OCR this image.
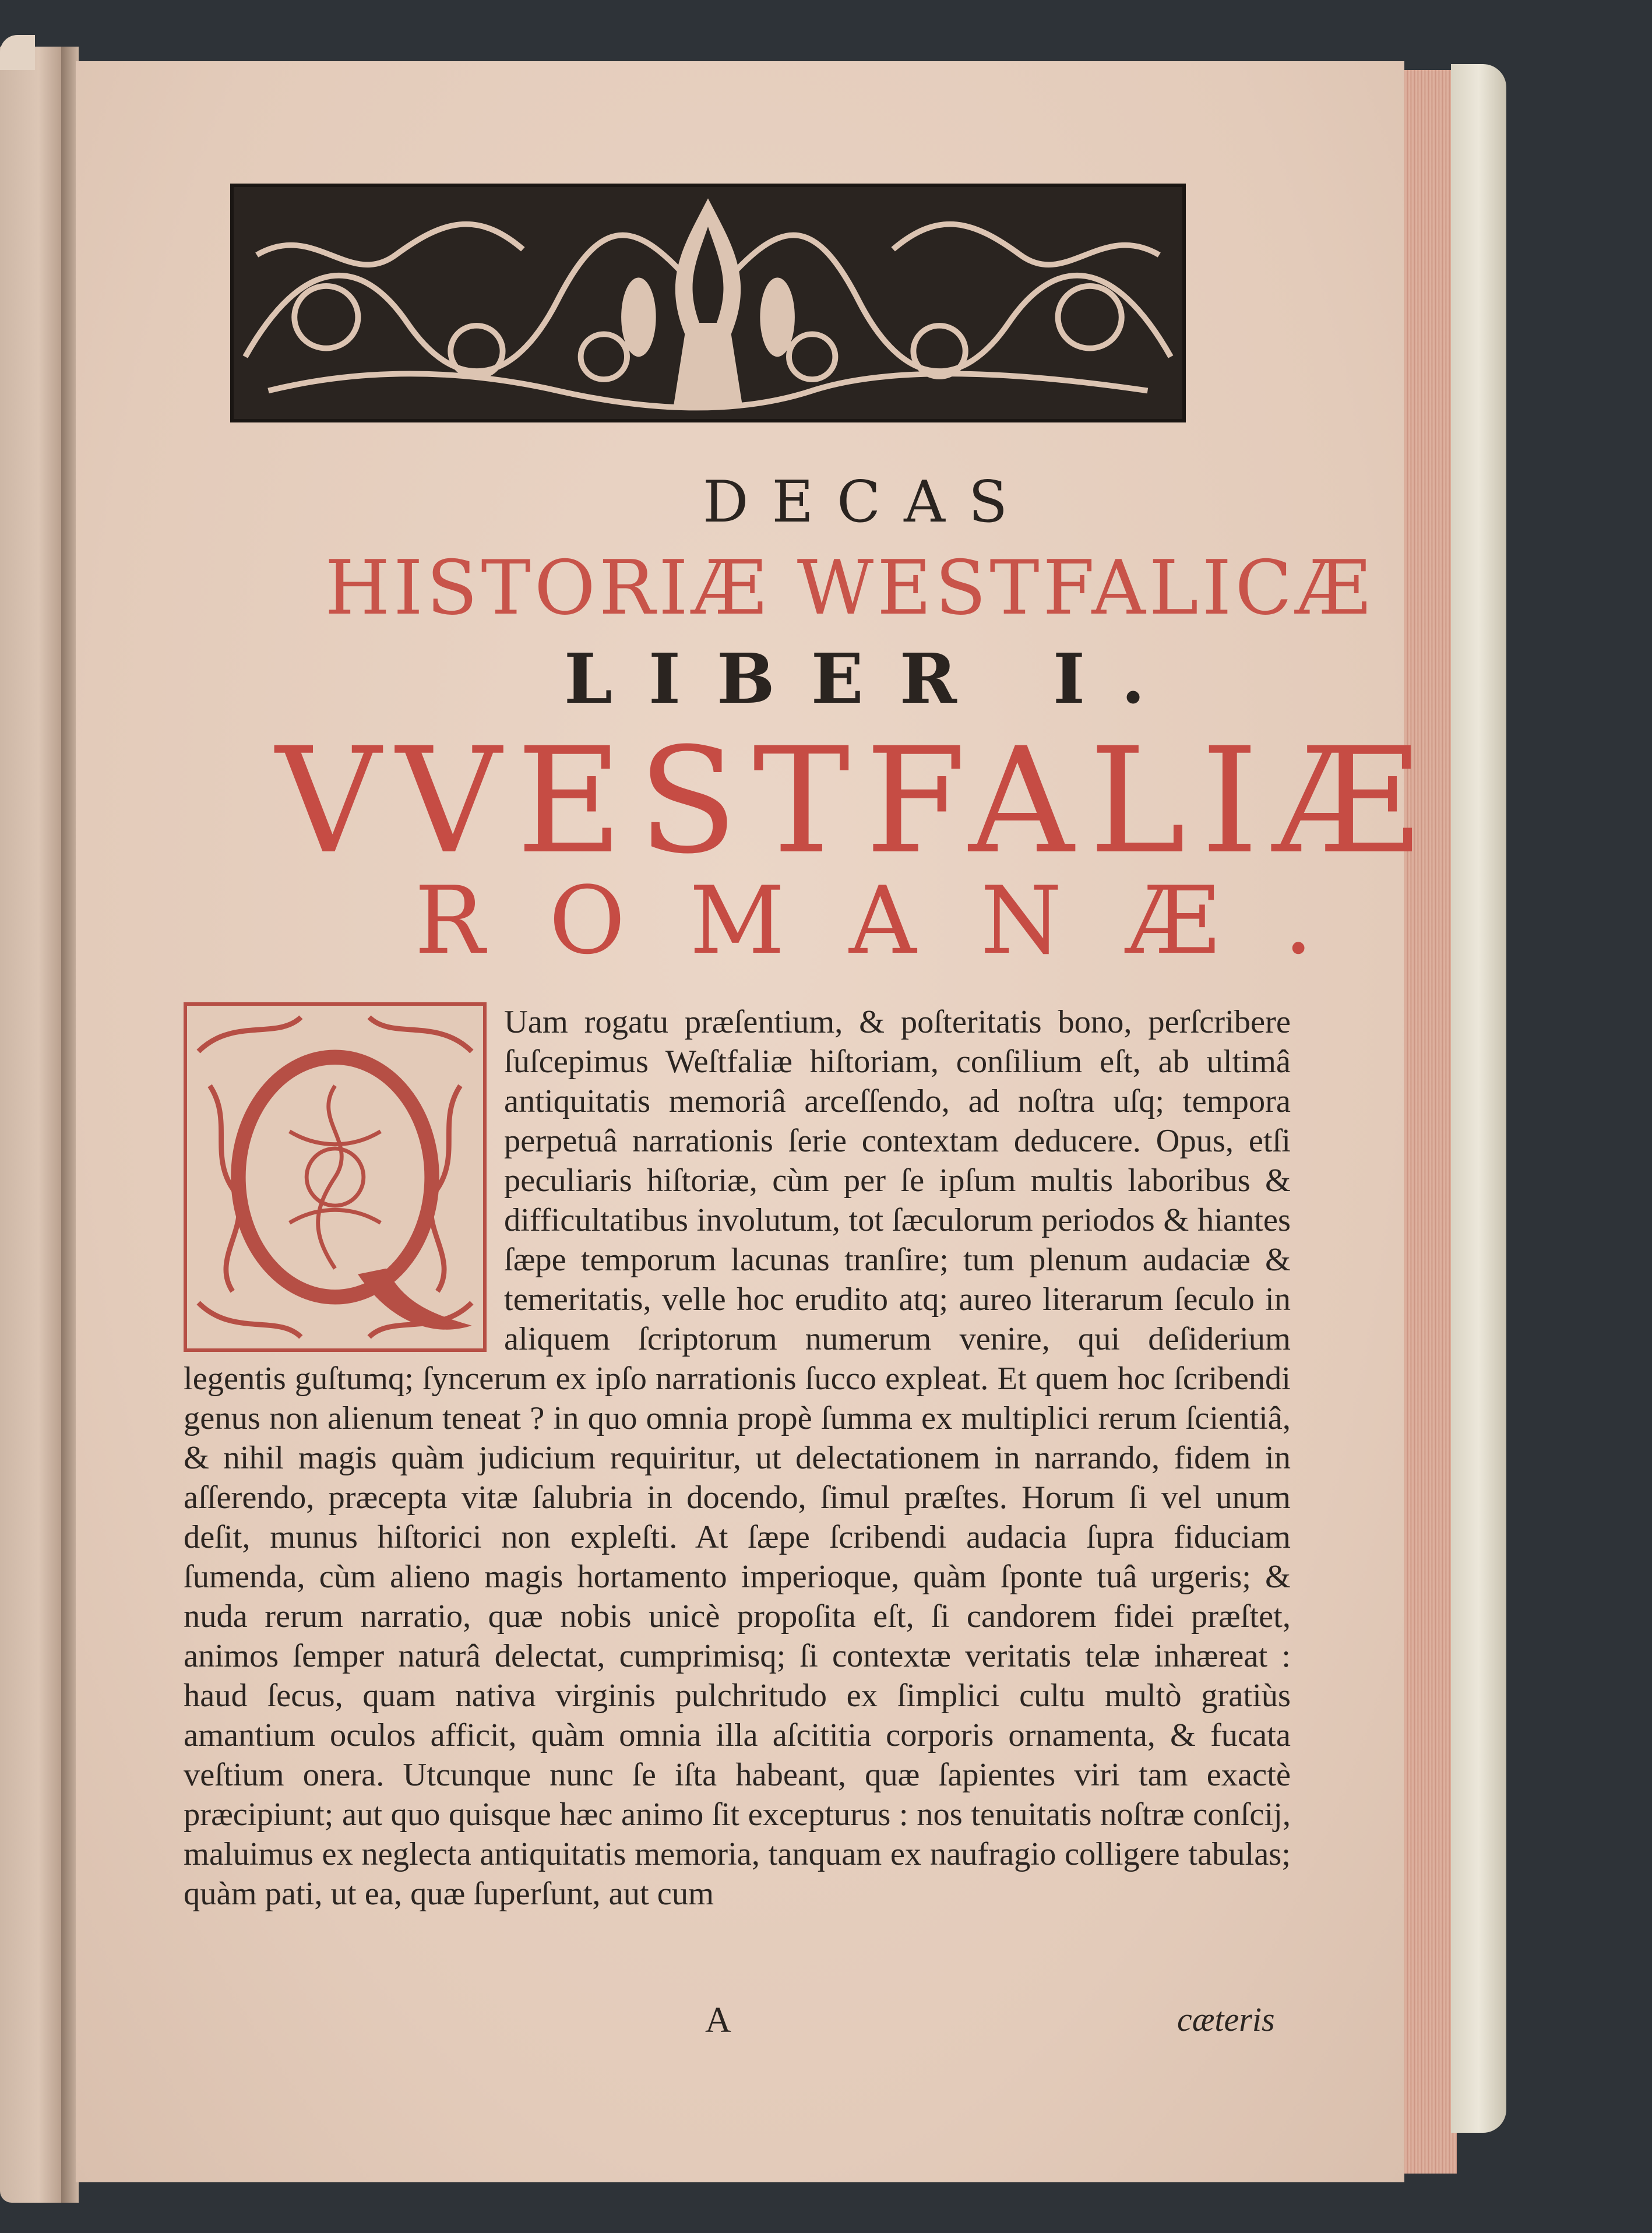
DECAS
HISTORIÆ WESTFALICÆ
LIBER I.
VVESTFALIÆ
ROMANÆ.

Uam rogatu præſentium, & poſteritatis bono, perſcribere ſuſcepimus Weſtfaliæ hiſtoriam, conſilium eſt, ab ultimâ antiquitatis memoriâ arceſſendo, ad noſtra uſq; tempora perpetuâ narrationis ſerie contextam deducere. Opus, etſi peculiaris hiſtoriæ, cùm per ſe ipſum multis laboribus & difficultatibus involutum, tot ſæculorum periodos & hiantes ſæpe temporum lacunas tranſire; tum plenum audaciæ & temeritatis, velle hoc erudito atq; aureo literarum ſeculo in aliquem ſcriptorum numerum venire, qui deſiderium legentis guſtumq; ſyncerum ex ipſo narrationis ſucco expleat. Et quem hoc ſcribendi genus non alienum teneat ? in quo omnia propè ſumma ex multiplici rerum ſcientiâ, & nihil magis quàm judicium requiritur, ut delectationem in narrando, fidem in aſſerendo, præcepta vitæ ſalubria in docendo, ſimul præſtes. Horum ſi vel unum deſit, munus hiſtorici non expleſti. At ſæpe ſcribendi audacia ſupra fiduciam ſumenda, cùm alieno magis hortamento imperioque, quàm ſponte tuâ urgeris; & nuda rerum narratio, quæ nobis unicè propoſita eſt, ſi candorem fidei præſtet, animos ſemper naturâ delectat, cumprimisq; ſi contextæ veritatis telæ inhæreat : haud ſecus, quam nativa virginis pulchritudo ex ſimplici cultu multò gratiùs amantium oculos afficit, quàm omnia illa aſcititia corporis ornamenta, & fucata veſtium onera. Utcunque nunc ſe iſta habeant, quæ ſapientes viri tam exactè præcipiunt; aut quo quisque hæc animo ſit excepturus : nos tenuitatis noſtræ conſcij, maluimus ex neglecta antiquitatis memoria, tanquam ex naufragio colligere tabulas; quàm pati, ut ea, quæ ſuperſunt, aut cum

A	cæteris
